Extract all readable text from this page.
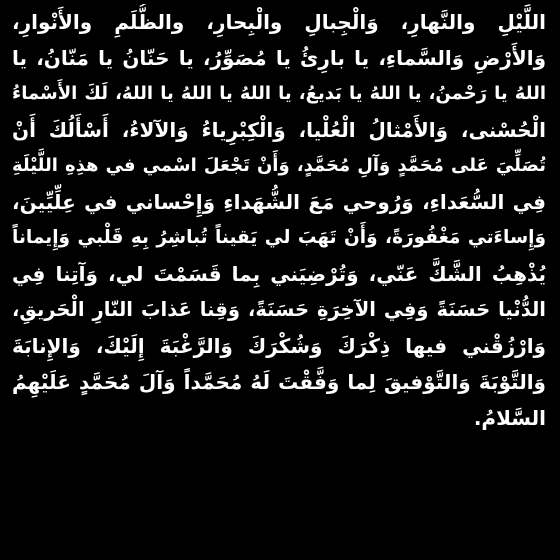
اللَّيْلِ والنَّهارِ، وَالْجِبالِ والْبِحارِ، والظُّلَمِ والأَنْوارِ،
وَالأَرْضِ وَالسَّماءِ، يا بارِئُ يا مُصَوِّرُ، يا حَنّانُ يا مَنّانُ، يا
اللهُ يا رَحْمنُ، يا اللهُ يا بَديعُ، يا اللهُ يا اللهُ يا اللهُ، لَكَ الأَسْماءُ
الْحُسْنى، وَالأَمْثالُ الْعُلْيا، وَالْكِبْرِياءُ وَالآلاءُ، أَسْأَلُكَ أَنْ
تُصَلِّيَ عَلى مُحَمَّدٍ وَآلِ مُحَمَّدٍ، وَأَنْ تَجْعَلَ اسْمي في هذِهِ اللَّيْلَةِ
فِي السُّعَداءِ، وَرُوحي مَعَ الشُّهَداءِ وَإِحْساني في عِلِّيِّينَ،
وَإِساءَتي مَغْفُورَةً، وَأَنْ تَهَبَ لي يَقيناً تُباشِرُ بِهِ قَلْبي وَإِيماناً
يُذْهِبُ الشَّكَّ عَنّي، وَتُرْضِيَني بِما قَسَمْتَ لي، وَآتِنا فِي
الدُّنْيا حَسَنَةً وَفِي الآخِرَةِ حَسَنَةً، وَقِنا عَذابَ النّارِ الْحَريقِ،
وَارْزُقْني فيها ذِكْرَكَ وَشُكْرَكَ وَالرَّغْبَةَ إِلَيْكَ، وَالإِنابَةَ
وَالتَّوْبَةَ وَالتَّوْفيقَ لِما وَفَّقْتَ لَهُ مُحَمَّداً وَآلَ مُحَمَّدٍ عَلَيْهِمُ
السَّلامُ.
